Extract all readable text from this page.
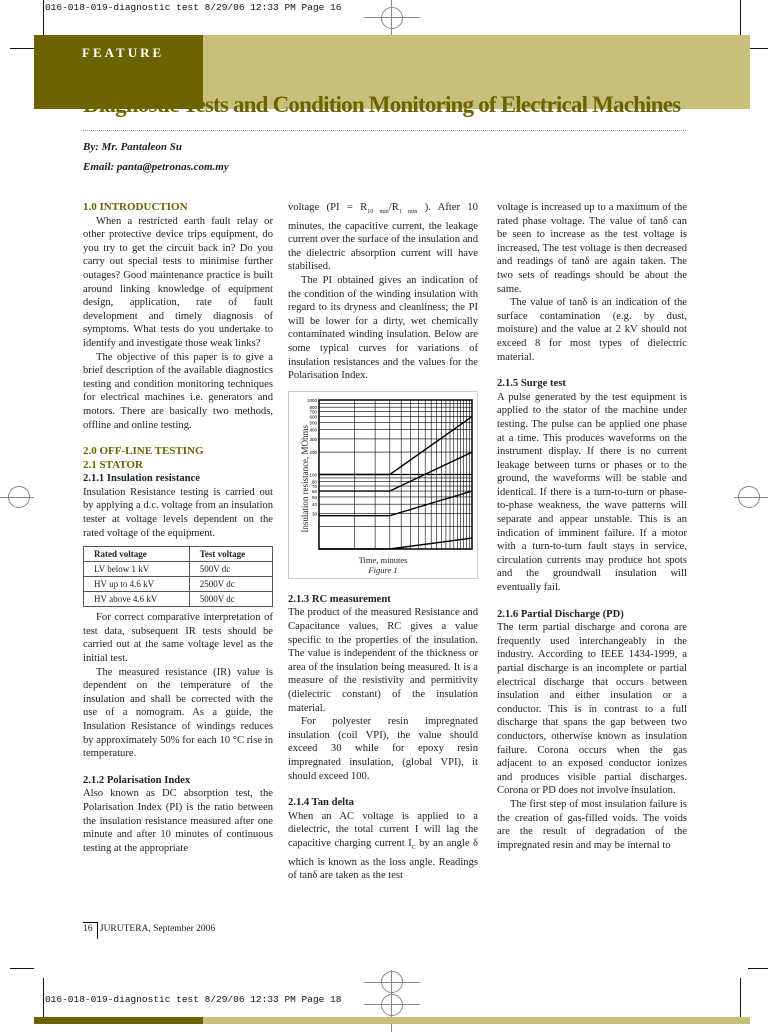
016-018-019-diagnostic test 8/29/06 12:33 PM Page 16
FEATURE
Diagnostic Tests and Condition Monitoring of Electrical Machines
By: Mr. Pantaleon Su
Email: panta@petronas.com.my
1.0 INTRODUCTION

When a restricted earth fault relay or other protective device trips equipment, do you try to get the circuit back in? Do you carry out special tests to minimise further outages? Good maintenance practice is built around linking knowledge of equipment design, application, rate of fault development and timely diagnosis of symptoms. What tests do you undertake to identify and investigate those weak links?

The objective of this paper is to give a brief description of the available diagnostics testing and condition monitoring techniques for electrical machines i.e. generators and motors. There are basically two methods, offline and online testing.

2.0 OFF-LINE TESTING
2.1 STATOR
2.1.1 Insulation resistance

Insulation Resistance testing is carried out by applying a d.c. voltage from an insulation tester at voltage levels dependent on the rated voltage of the equipment.

Rated voltage	Test voltage
LV below 1 kV	500V dc
HV up to 4.6 kV	2500V dc
HV above 4.6 kV	5000V dc

For correct comparative interpretation of test data, subsequent IR tests should be carried out at the same voltage level as the initial test.

The measured resistance (IR) value is dependent on the temperature of the insulation and shall be corrected with the use of a nomogram. As a guide, the Insulation Resistance of windings reduces by approximately 50% for each 10 °C rise in temperature.

2.1.2 Polarisation Index

Also known as DC absorption test, the Polarisation Index (PI) is the ratio between the insulation resistance measured after one minute and after 10 minutes of continuous testing at the appropriate

voltage ($PI = R_{10 min}/R_{1 min}$ ). After 10 minutes, the capacitive current, the leakage current over the surface of the insulation and the dielectric absorption current will have stabilised.

The PI obtained gives an indication of the condition of the winding insulation with regard to its dryness and cleanliness; the PI will be lower for a dirty, wet chemically contaminated winding insulation. Below are some typical curves for variations of insulation resistances and the values for the Polarisation Index.

1000
800
700
600
500
400
300
200
100
80
70
60
50
40
30
Insulation resistance, MOhms
Time, minutes
Figure 1
2.1.3 RC measurement

The product of the measured Resistance and Capacitance values, RC gives a value specific to the properties of the insulation. The value is independent of the thickness or area of the insulation being measured. It is a measure of the resistivity and permitivity (dielectric constant) of the insulation material.

For polyester resin impregnated insulation (coil VPI), the value should exceed 30 while for epoxy resin impregnated insulation, (global VPI), it should exceed 100.

2.1.4 Tan delta

When an AC voltage is applied to a dielectric, the total current I will lag the capacitive charging current $I_C$ by an angle δ which is known as the loss angle. Readings of tanδ are taken as the test

voltage is increased up to a maximum of the rated phase voltage. The value of tanδ can be seen to increase as the test voltage is increased. The test voltage is then decreased and readings of tanδ are again taken. The two sets of readings should be about the same.

The value of tanδ is an indication of the surface contamination (e.g. by dust, moisture) and the value at 2 kV should not exceed 8 for most types of dielectric material.

2.1.5 Surge test

A pulse generated by the test equipment is applied to the stator of the machine under testing. The pulse can be applied one phase at a time. This produces waveforms on the instrument display. If there is no current leakage between turns or phases or to the ground, the waveforms will be stable and identical. If there is a turn-to-turn or phase-to-phase weakness, the wave patterns will separate and appear unstable. This is an indication of imminent failure. If a motor with a turn-to-turn fault stays in service, circulation currents may produce hot spots and the groundwall insulation will eventually fail.

2.1.6 Partial Discharge (PD)

The term partial discharge and corona are frequently used interchangeably in the industry. According to IEEE 1434-1999, a partial discharge is an incomplete or partial electrical discharge that occurs between insulation and either insulation or a conductor. This is in contrast to a full discharge that spans the gap between two conductors, otherwise known as insulation failure. Corona occurs when the gas adjacent to an exposed conductor ionizes and produces visible partial discharges. Corona or PD does not involve insulation.

The first step of most insulation failure is the creation of gas-filled voids. The voids are the result of degradation of the impregnated resin and may be internal to

16 JURUTERA, September 2006
016-018-019-diagnostic test 8/29/06 12:33 PM Page 18
